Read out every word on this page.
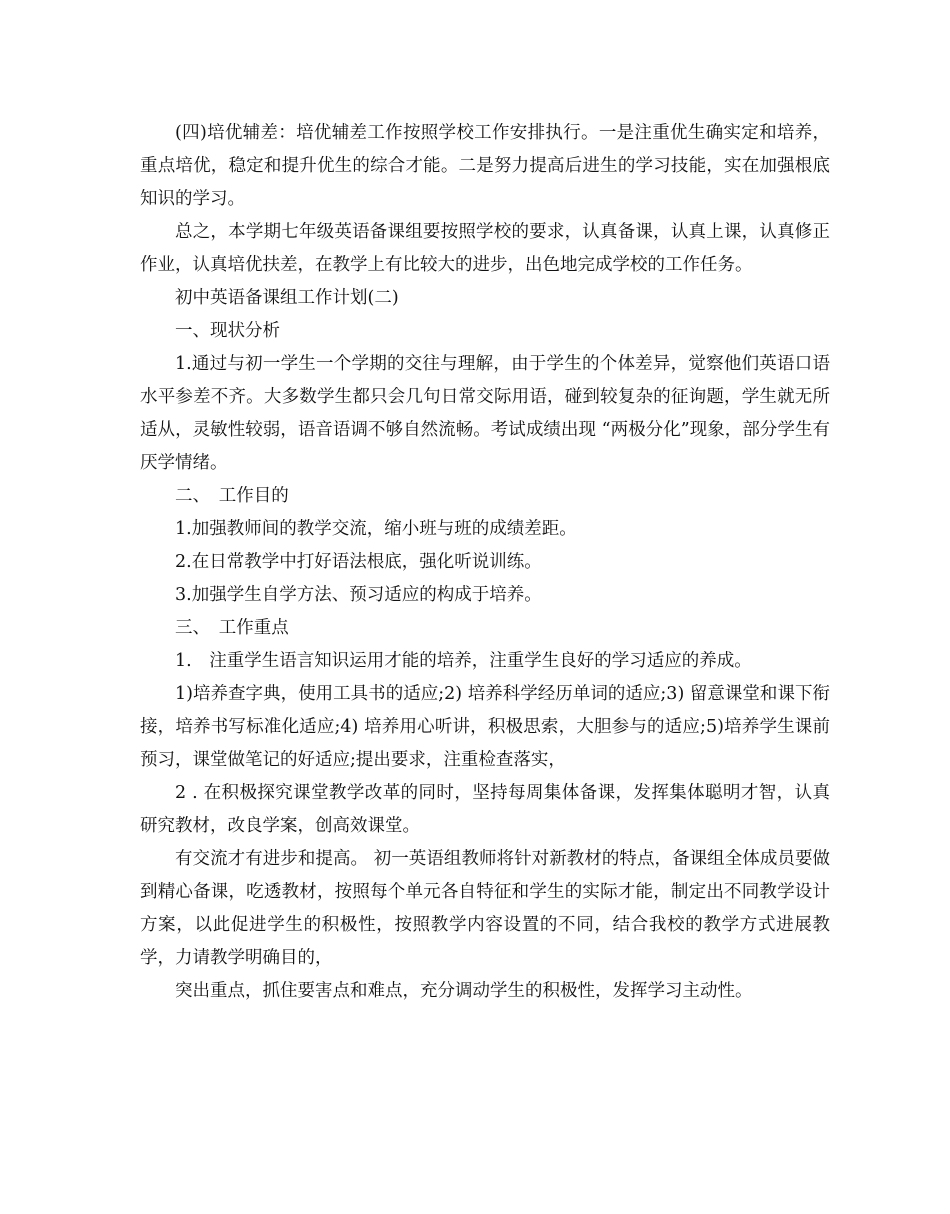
(四)培优辅差：培优辅差工作按照学校工作安排执行。一是注重优生确实定和培养，重点培优，稳定和提升优生的综合才能。二是努力提高后进生的学习技能，实在加强根底知识的学习。

总之，本学期七年级英语备课组要按照学校的要求，认真备课，认真上课，认真修正作业，认真培优扶差，在教学上有比较大的进步，出色地完成学校的工作任务。

初中英语备课组工作计划(二)

一、现状分析

1.通过与初一学生一个学期的交往与理解，由于学生的个体差异，觉察他们英语口语水平参差不齐。大多数学生都只会几句日常交际用语，碰到较复杂的征询题，学生就无所适从，灵敏性较弱，语音语调不够自然流畅。考试成绩出现 “两极分化”现象，部分学生有厌学情绪。

二、　工作目的

1.加强教师间的教学交流，缩小班与班的成绩差距。

2.在日常教学中打好语法根底，强化听说训练。

3.加强学生自学方法、预习适应的构成于培养。

三、　工作重点

1.　注重学生语言知识运用才能的培养，注重学生良好的学习适应的养成。

1)培养查字典，使用工具书的适应;2) 培养科学经历单词的适应;3) 留意课堂和课下衔接，培养书写标准化适应;4) 培养用心听讲，积极思索，大胆参与的适应;5)培养学生课前预习，课堂做笔记的好适应;提出要求，注重检查落实，

2 . 在积极探究课堂教学改革的同时，坚持每周集体备课，发挥集体聪明才智，认真研究教材，改良学案，创高效课堂。

有交流才有进步和提高。 初一英语组教师将针对新教材的特点，备课组全体成员要做到精心备课，吃透教材，按照每个单元各自特征和学生的实际才能，制定出不同教学设计方案，以此促进学生的积极性，按照教学内容设置的不同，结合我校的教学方式进展教学，力请教学明确目的，

突出重点，抓住要害点和难点，充分调动学生的积极性，发挥学习主动性。
